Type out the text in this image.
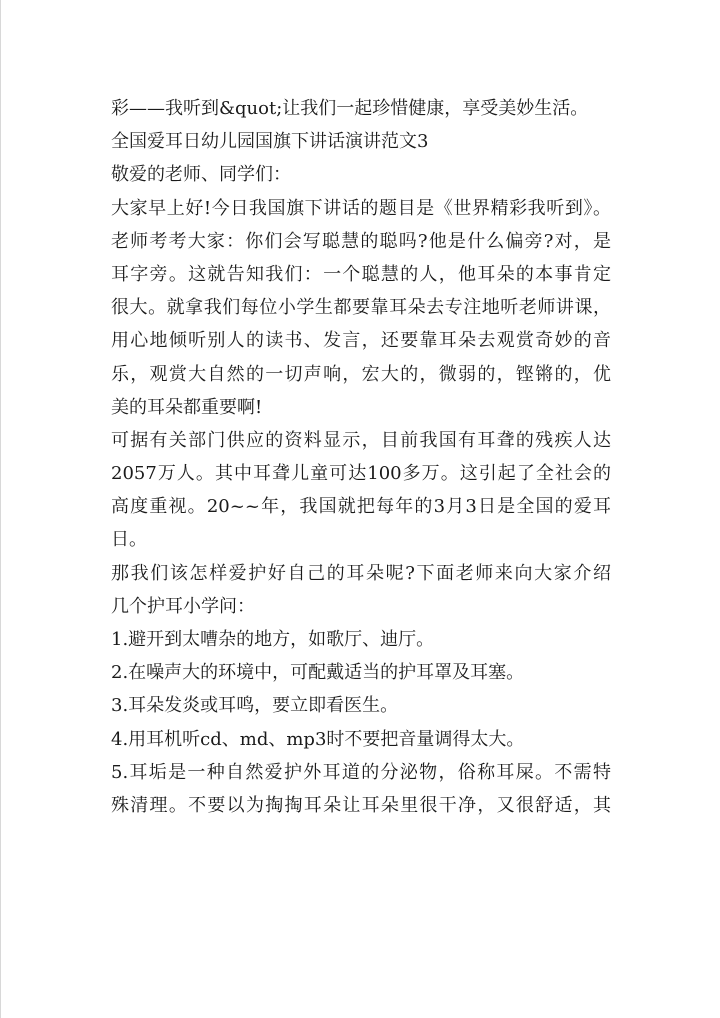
彩——我听到&quot;让我们一起珍惜健康，享受美妙生活。
全国爱耳日幼儿园国旗下讲话演讲范文3
敬爱的老师、同学们：
大家早上好!今日我国旗下讲话的题目是《世界精彩我听到》。
老师考考大家：你们会写聪慧的聪吗?他是什么偏旁?对，是
耳字旁。这就告知我们：一个聪慧的人，他耳朵的本事肯定
很大。就拿我们每位小学生都要靠耳朵去专注地听老师讲课，
用心地倾听别人的读书、发言，还要靠耳朵去观赏奇妙的音
乐，观赏大自然的一切声响，宏大的，微弱的，铿锵的，优
美的耳朵都重要啊!
可据有关部门供应的资料显示，目前我国有耳聋的残疾人达
2057万人。其中耳聋儿童可达100多万。这引起了全社会的
高度重视。20~~年，我国就把每年的3月3日是全国的爱耳
日。
那我们该怎样爱护好自己的耳朵呢?下面老师来向大家介绍
几个护耳小学问：
1.避开到太嘈杂的地方，如歌厅、迪厅。
2.在噪声大的环境中，可配戴适当的护耳罩及耳塞。
3.耳朵发炎或耳鸣，要立即看医生。
4.用耳机听cd、md、mp3时不要把音量调得太大。
5.耳垢是一种自然爱护外耳道的分泌物，俗称耳屎。不需特
殊清理。不要以为掏掏耳朵让耳朵里很干净，又很舒适，其
